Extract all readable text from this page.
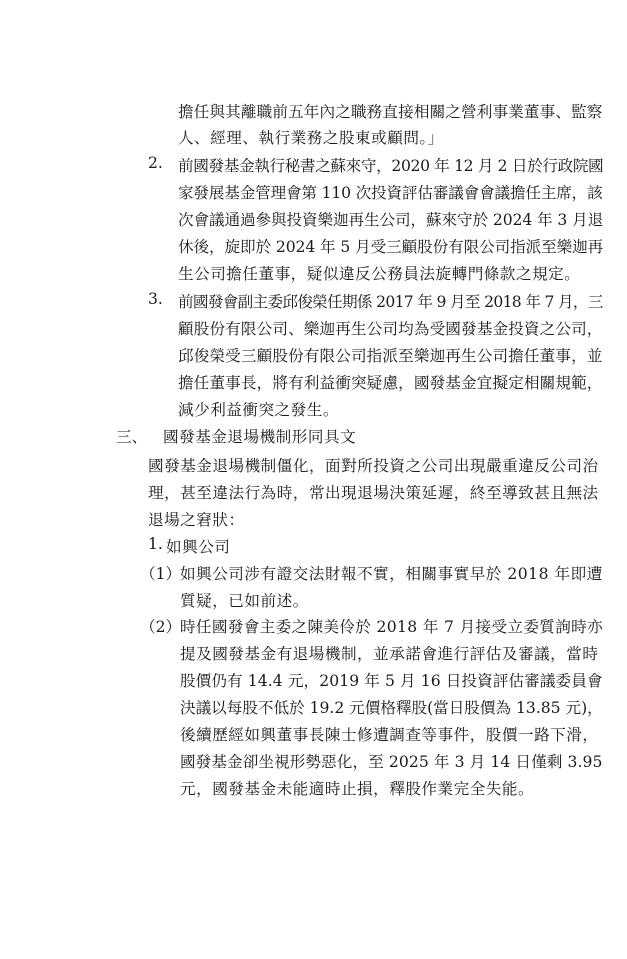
擔任與其離職前五年內之職務直接相關之營利事業董事、監察
人、經理、執行業務之股東或顧問。」
2. 前國發基金執行秘書之蘇來守，2020 年 12 月 2 日於行政院國
家發展基金管理會第 110 次投資評估審議會會議擔任主席，該
次會議通過參與投資樂迦再生公司，蘇來守於 2024 年 3 月退
休後，旋即於 2024 年 5 月受三顧股份有限公司指派至樂迦再
生公司擔任董事，疑似違反公務員法旋轉門條款之規定。
3. 前國發會副主委邱俊榮任期係 2017 年 9 月至 2018 年 7 月，三
顧股份有限公司、樂迦再生公司均為受國發基金投資之公司，
邱俊榮受三顧股份有限公司指派至樂迦再生公司擔任董事，並
擔任董事長，將有利益衝突疑慮，國發基金宜擬定相關規範，
減少利益衝突之發生。
三、 國發基金退場機制形同具文
國發基金退場機制僵化，面對所投資之公司出現嚴重違反公司治
理，甚至違法行為時，常出現退場決策延遲，終至導致甚且無法
退場之窘狀：
1. 如興公司
（1）
如興公司涉有證交法財報不實，相關事實早於 2018 年即遭
質疑，已如前述。
（2）
時任國發會主委之陳美伶於 2018 年 7 月接受立委質詢時亦
提及國發基金有退場機制，並承諾會進行評估及審議，當時
股價仍有 14.4 元，2019 年 5 月 16 日投資評估審議委員會
決議以每股不低於 19.2 元價格釋股(當日股價為 13.85 元)，
後續歷經如興董事長陳士修遭調查等事件，股價一路下滑，
國發基金卻坐視形勢惡化，至 2025 年 3 月 14 日僅剩 3.95
元，國發基金未能適時止損，釋股作業完全失能。
